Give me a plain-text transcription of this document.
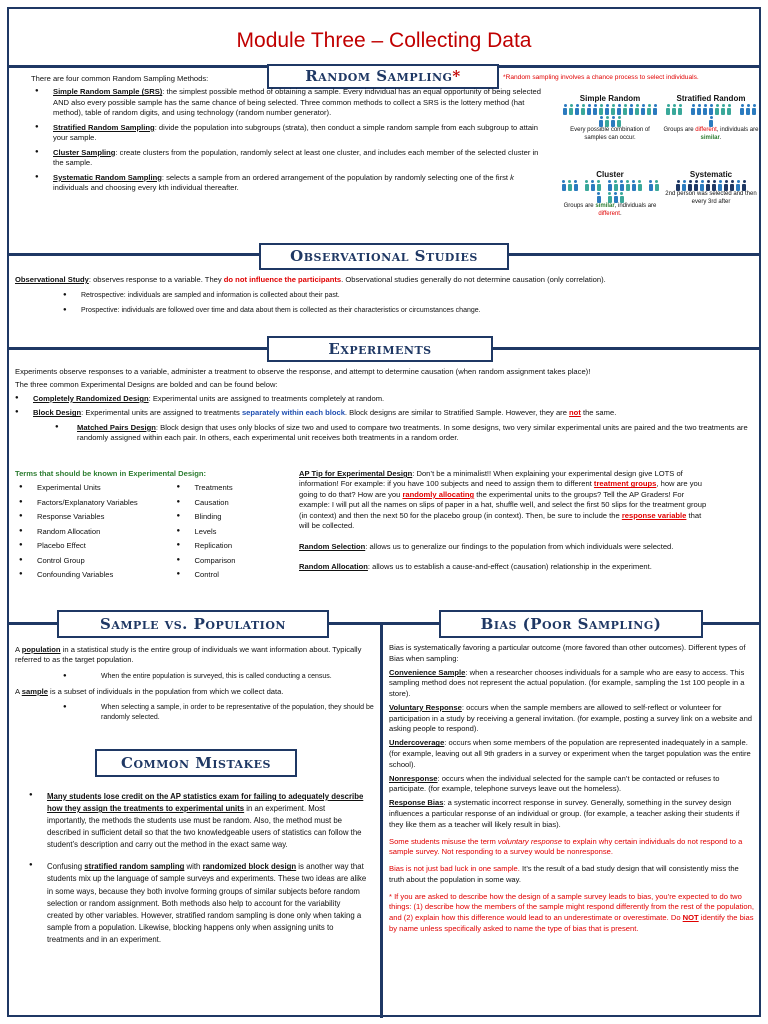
Module Three – Collecting Data
Random Sampling*	*Random sampling involves a chance process to select individuals.

There are four common Random Sampling Methods:

● Simple Random Sample (SRS): the simplest possible method of obtaining a sample. Every individual has an equal opportunity of being selected AND also every possible sample has the same chance of being selected. Three common methods to collect a SRS is the lottery method (hat method), table of random digits, and using technology (random number generator).
● Stratified Random Sampling: divide the population into subgroups (strata), then conduct a simple random sample from each subgroup to attain your sample.
● Cluster Sampling: create clusters from the population, randomly select at least one cluster, and includes each member of the selected cluster in the sample.
● Systematic Random Sampling: selects a sample from an ordered arrangement of the population by randomly selecting one of the first k individuals and choosing every kth individual thereafter.
Simple Random
Every possible combination of samples can occur.
Stratified Random
Groups are different, individuals are similar.
Cluster
Groups are similar, individuals are different.
Systematic
2nd person was selected and then every 3rd after
Observational Studies

Observational Study: observes response to a variable. They do not influence the participants. Observational studies generally do not determine causation (only correlation).

● Retrospective: individuals are sampled and information is collected about their past.
● Prospective: individuals are followed over time and data about them is collected as their characteristics or circumstances change.
Experiments

Experiments observe responses to a variable, administer a treatment to observe the response, and attempt to determine causation (when random assignment takes place)!

The three common Experimental Designs are bolded and can be found below:

● Completely Randomized Design: Experimental units are assigned to treatments completely at random.
● Block Design: Experimental units are assigned to treatments separately within each block. Block designs are similar to Stratified Sample. However, they are not the same.
● Matched Pairs Design: Block design that uses only blocks of size two and used to compare two treatments. In some designs, two very similar experimental units are paired and the two treatments are randomly assigned within each pair. In others, each experimental unit receives both treatments in a random order.

Terms that should be known in Experimental Design:

● Experimental Units
● Factors/Explanatory Variables
● Response Variables
● Random Allocation
● Placebo Effect
● Control Group
● Confounding Variables
● Treatments
● Causation
● Blinding
● Levels
● Replication
● Comparison
● Control

AP Tip for Experimental Design: Don’t be a minimalist!! When explaining your experimental design give LOTS of information! For example: if you have 100 subjects and need to assign them to different treatment groups, how are you going to do that? How are you randomly allocating the experimental units to the groups? Tell the AP Graders! For example: I will put all the names on slips of paper in a hat, shuffle well, and select the first 50 slips for the treatment group (in context) and then the next 50 for the placebo group (in context). Then, be sure to include the response variable that will be collected.

Random Selection: allows us to generalize our findings to the population from which individuals were selected.

Random Allocation: allows us to establish a cause-and-effect (causation) relationship in the experiment.

Sample vs. Population

A population in a statistical study is the entire group of individuals we want information about. Typically referred to as the target population.

● When the entire population is surveyed, this is called conducting a census.

A sample is a subset of individuals in the population from which we collect data.

● When selecting a sample, in order to be representative of the population, they should be randomly selected.
Common Mistakes
● Many students lose credit on the AP statistics exam for failing to adequately describe how they assign the treatments to experimental units in an experiment. Most importantly, the methods the students use must be random. Also, the method must be described in sufficient detail so that the two knowledgeable users of statistics can follow the student’s description and carry out the method in the exact same way.
● Confusing stratified random sampling with randomized block design is another way that students mix up the language of sample surveys and experiments. These two ideas are alike in some ways, because they both involve forming groups of similar subjects before random selection or random assignment. Both methods also help to account for the variability created by other variables. However, stratified random sampling is done only when taking a sample from a population. Likewise, blocking happens only when assigning units to treatments and in an experiment.
Bias (Poor Sampling)

Bias is systematically favoring a particular outcome (more favored than other outcomes). Different types of Bias when sampling:

Convenience Sample: when a researcher chooses individuals for a sample who are easy to access. This sampling method does not represent the actual population. (for example, sampling the 1st 100 people in a store).

Voluntary Response: occurs when the sample members are allowed to self-reflect or volunteer for participation in a study by receiving a general invitation. (for example, posting a survey link on a website and asking people to respond).

Undercoverage: occurs when some members of the population are represented inadequately in a sample. (for example, leaving out all 9th graders in a survey or experiment when the target population was the entire school).

Nonresponse: occurs when the individual selected for the sample can’t be contacted or refuses to participate. (for example, telephone surveys leave out the homeless).

Response Bias: a systematic incorrect response in survey. Generally, something in the survey design influences a particular response of an individual or group. (for example, a teacher asking their students if they like them as a teacher will likely result in bias).

Some students misuse the term voluntary response to explain why certain individuals do not respond to a sample survey. Not responding to a survey would be nonresponse.

Bias is not just bad luck in one sample. It’s the result of a bad study design that will consistently miss the truth about the population in some way.

* If you are asked to describe how the design of a sample survey leads to bias, you’re expected to do two things: (1) describe how the members of the sample might respond differently from the rest of the population, and (2) explain how this difference would lead to an underestimate or overestimate. Do NOT identify the bias by name unless specifically asked to name the type of bias that is present.
